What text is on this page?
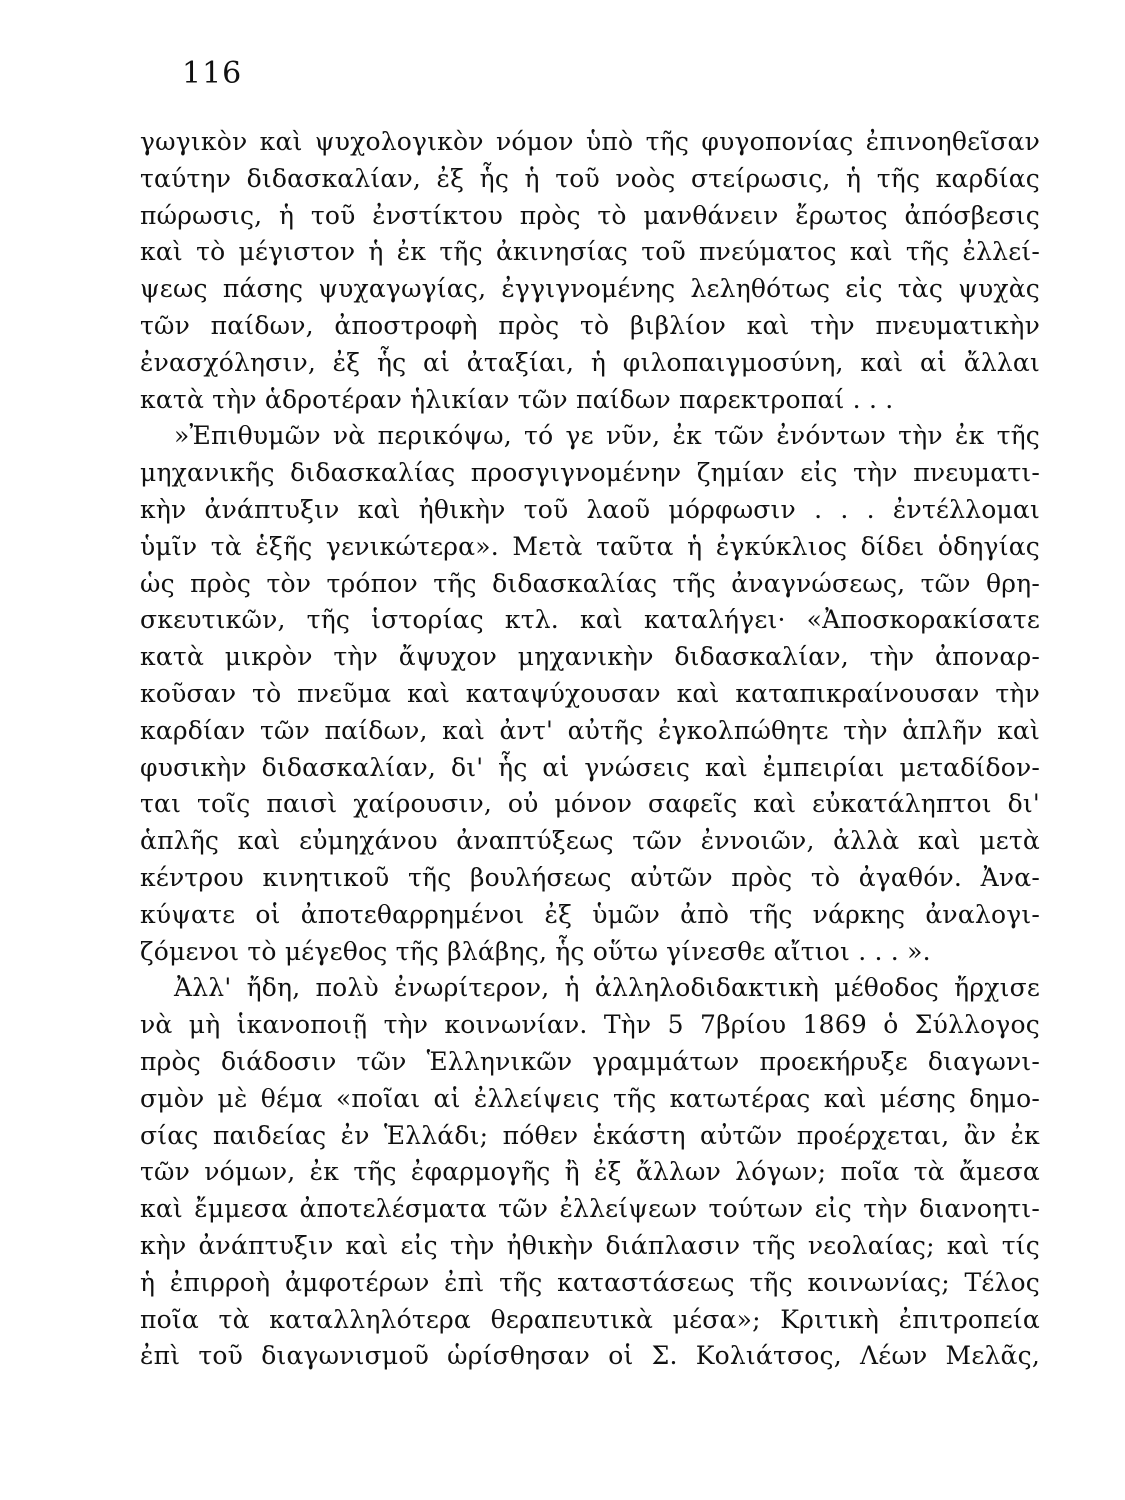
116
γωγικὸν καὶ ψυχολογικὸν νόμον ὑπὸ τῆς φυγοπονίας ἐπινοηθεῖσαν
ταύτην διδασκαλίαν, ἐξ ἧς ἡ τοῦ νοὸς στείρωσις, ἡ τῆς καρδίας
πώρωσις, ἡ τοῦ ἐνστίκτου πρὸς τὸ μανθάνειν ἔρωτος ἀπόσβεσις
καὶ τὸ μέγιστον ἡ ἐκ τῆς ἀκινησίας τοῦ πνεύματος καὶ τῆς ἐλλεί-
ψεως πάσης ψυχαγωγίας, ἐγγιγνομένης λεληθότως εἰς τὰς ψυχὰς
τῶν παίδων, ἀποστροφὴ πρὸς τὸ βιβλίον καὶ τὴν πνευματικὴν
ἐνασχόλησιν, ἐξ ἧς αἱ ἀταξίαι, ἡ φιλοπαιγμοσύνη, καὶ αἱ ἄλλαι
κατὰ τὴν ἁδροτέραν ἡλικίαν τῶν παίδων παρεκτροπαί . . .
»Ἐπιθυμῶν νὰ περικόψω, τό γε νῦν, ἐκ τῶν ἐνόντων τὴν ἐκ τῆς
μηχανικῆς διδασκαλίας προσγιγνομένην ζημίαν εἰς τὴν πνευματι-
κὴν ἀνάπτυξιν καὶ ἠθικὴν τοῦ λαοῦ μόρφωσιν . . . ἐντέλλομαι
ὑμῖν τὰ ἑξῆς γενικώτερα». Μετὰ ταῦτα ἡ ἐγκύκλιος δίδει ὁδηγίας
ὡς πρὸς τὸν τρόπον τῆς διδασκαλίας τῆς ἀναγνώσεως, τῶν θρη-
σκευτικῶν, τῆς ἱστορίας κτλ. καὶ καταλήγει· «Ἀποσκορακίσατε
κατὰ μικρὸν τὴν ἄψυχον μηχανικὴν διδασκαλίαν, τὴν ἀποναρ-
κοῦσαν τὸ πνεῦμα καὶ καταψύχουσαν καὶ καταπικραίνουσαν τὴν
καρδίαν τῶν παίδων, καὶ ἀντ' αὐτῆς ἐγκολπώθητε τὴν ἁπλῆν καὶ
φυσικὴν διδασκαλίαν, δι' ἧς αἱ γνώσεις καὶ ἐμπειρίαι μεταδίδον-
ται τοῖς παισὶ χαίρουσιν, οὐ μόνον σαφεῖς καὶ εὐκατάληπτοι δι'
ἁπλῆς καὶ εὐμηχάνου ἀναπτύξεως τῶν ἐννοιῶν, ἀλλὰ καὶ μετὰ
κέντρου κινητικοῦ τῆς βουλήσεως αὐτῶν πρὸς τὸ ἀγαθόν. Ἀνα-
κύψατε οἱ ἀποτεθαρρημένοι ἐξ ὑμῶν ἀπὸ τῆς νάρκης ἀναλογι-
ζόμενοι τὸ μέγεθος τῆς βλάβης, ἧς οὕτω γίνεσθε αἴτιοι . . . ».
Ἀλλ' ἤδη, πολὺ ἐνωρίτερον, ἡ ἀλληλοδιδακτικὴ μέθοδος ἤρχισε
νὰ μὴ ἱκανοποιῇ τὴν κοινωνίαν. Τὴν 5 7βρίου 1869 ὁ Σύλλογος
πρὸς διάδοσιν τῶν Ἑλληνικῶν γραμμάτων προεκήρυξε διαγωνι-
σμὸν μὲ θέμα «ποῖαι αἱ ἐλλείψεις τῆς κατωτέρας καὶ μέσης δημο-
σίας παιδείας ἐν Ἑλλάδι; πόθεν ἑκάστη αὐτῶν προέρχεται, ἂν ἐκ
τῶν νόμων, ἐκ τῆς ἐφαρμογῆς ἢ ἐξ ἄλλων λόγων; ποῖα τὰ ἄμεσα
καὶ ἔμμεσα ἀποτελέσματα τῶν ἐλλείψεων τούτων εἰς τὴν διανοητι-
κὴν ἀνάπτυξιν καὶ εἰς τὴν ἠθικὴν διάπλασιν τῆς νεολαίας; καὶ τίς
ἡ ἐπιρροὴ ἀμφοτέρων ἐπὶ τῆς καταστάσεως τῆς κοινωνίας; Τέλος
ποῖα τὰ καταλληλότερα θεραπευτικὰ μέσα»; Κριτικὴ ἐπιτροπεία
ἐπὶ τοῦ διαγωνισμοῦ ὡρίσθησαν οἱ Σ. Κολιάτσος, Λέων Μελᾶς,
